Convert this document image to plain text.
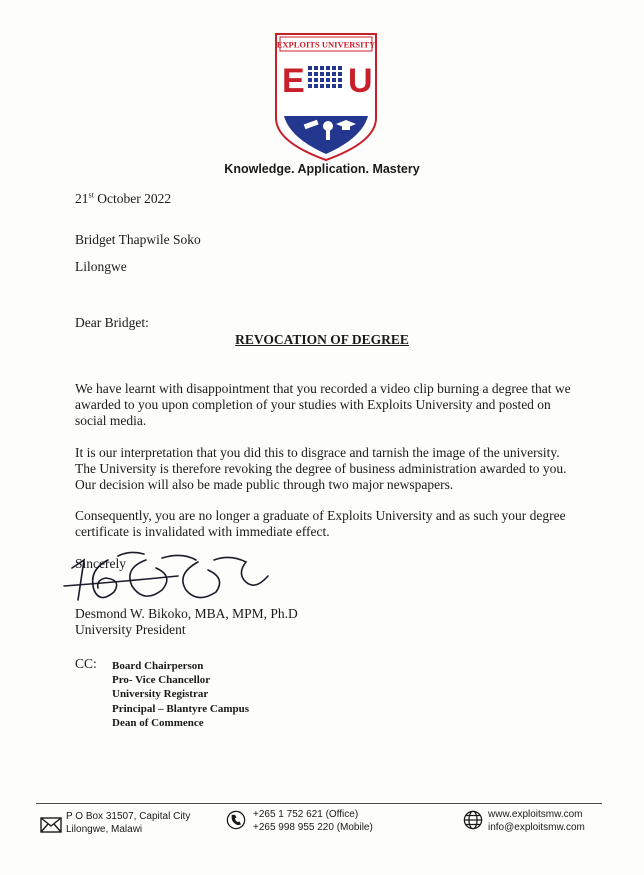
EXPLOITS UNIVERSITY
E U
Knowledge. Application. Mastery
21st October 2022
Bridget Thapwile Soko
Lilongwe
Dear Bridget:
REVOCATION OF DEGREE
We have learnt with disappointment that you recorded a video clip burning a degree that we awarded to you upon completion of your studies with Exploits University and posted on social media.
It is our interpretation that you did this to disgrace and tarnish the image of the university. The University is therefore revoking the degree of business administration awarded to you. Our decision will also be made public through two major newspapers.
Consequently, you are no longer a graduate of Exploits University and as such your degree certificate is invalidated with immediate effect.
Sincerely
Desmond W. Bikoko, MBA, MPM, Ph.D
University President
CC: Board Chairperson
Pro- Vice Chancellor
University Registrar
Principal – Blantyre Campus
Dean of Commence
P O Box 31507, Capital City
Lilongwe, Malawi
+265 1 752 621 (Office)
+265 998 955 220 (Mobile)
www.exploitsmw.com
info@exploitsmw.com
